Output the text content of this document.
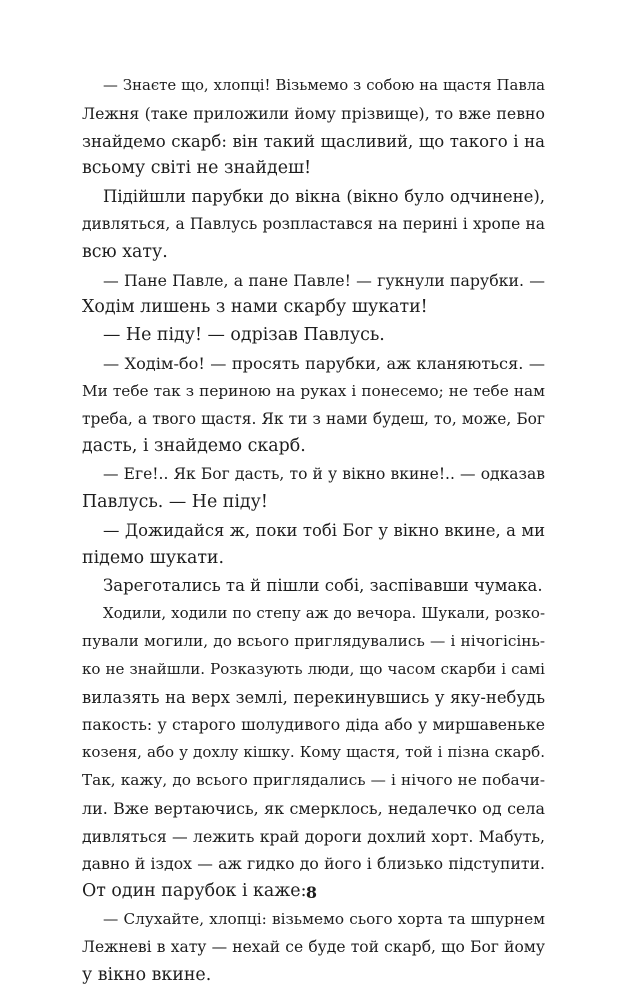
— Знаєте що, хлопці! Візьмемо з собою на щастя Павла
Лежня (таке приложили йому прізвище), то вже певно
знайдемо скарб: він такий щасливий, що такого і на
всьому світі не знайдеш!
Підійшли парубки до вікна (вікно було одчинене),
дивляться, а Павлусь розпластався на перині і хропе на
всю хату.
— Пане Павле, а пане Павле! — гукнули парубки. —
Ходім лишень з нами скарбу шукати!
— Не піду! — одрізав Павлусь.
— Ходім-бо! — просять парубки, аж кланяються. —
Ми тебе так з периною на руках і понесемо; не тебе нам
треба, а твого щастя. Як ти з нами будеш, то, може, Бог
дасть, і знайдемо скарб.
— Еге!.. Як Бог дасть, то й у вікно вкине!.. — одказав
Павлусь. — Не піду!
— Дожидайся ж, поки тобі Бог у вікно вкине, а ми
підемо шукати.
Зареготались та й пішли собі, заспівавши чумака.
Ходили, ходили по степу аж до вечора. Шукали, розко-
пували могили, до всього приглядувались — і нічогісінь-
ко не знайшли. Розказують люди, що часом скарби і самі
вилазять на верх землі, перекинувшись у яку-небудь
пакость: у старого шолудивого діда або у миршавеньке
козеня, або у дохлу кішку. Кому щастя, той і пізна скарб.
Так, кажу, до всього приглядались — і нічого не побачи-
ли. Вже вертаючись, як смерклось, недалечко од села
дивляться — лежить край дороги дохлий хорт. Мабуть,
давно й іздох — аж гидко до його і близько підступити.
От один парубок і каже:
— Слухайте, хлопці: візьмемо сього хорта та шпурнем
Лежневі в хату — нехай се буде той скарб, що Бог йому
у вікно вкине.
8
